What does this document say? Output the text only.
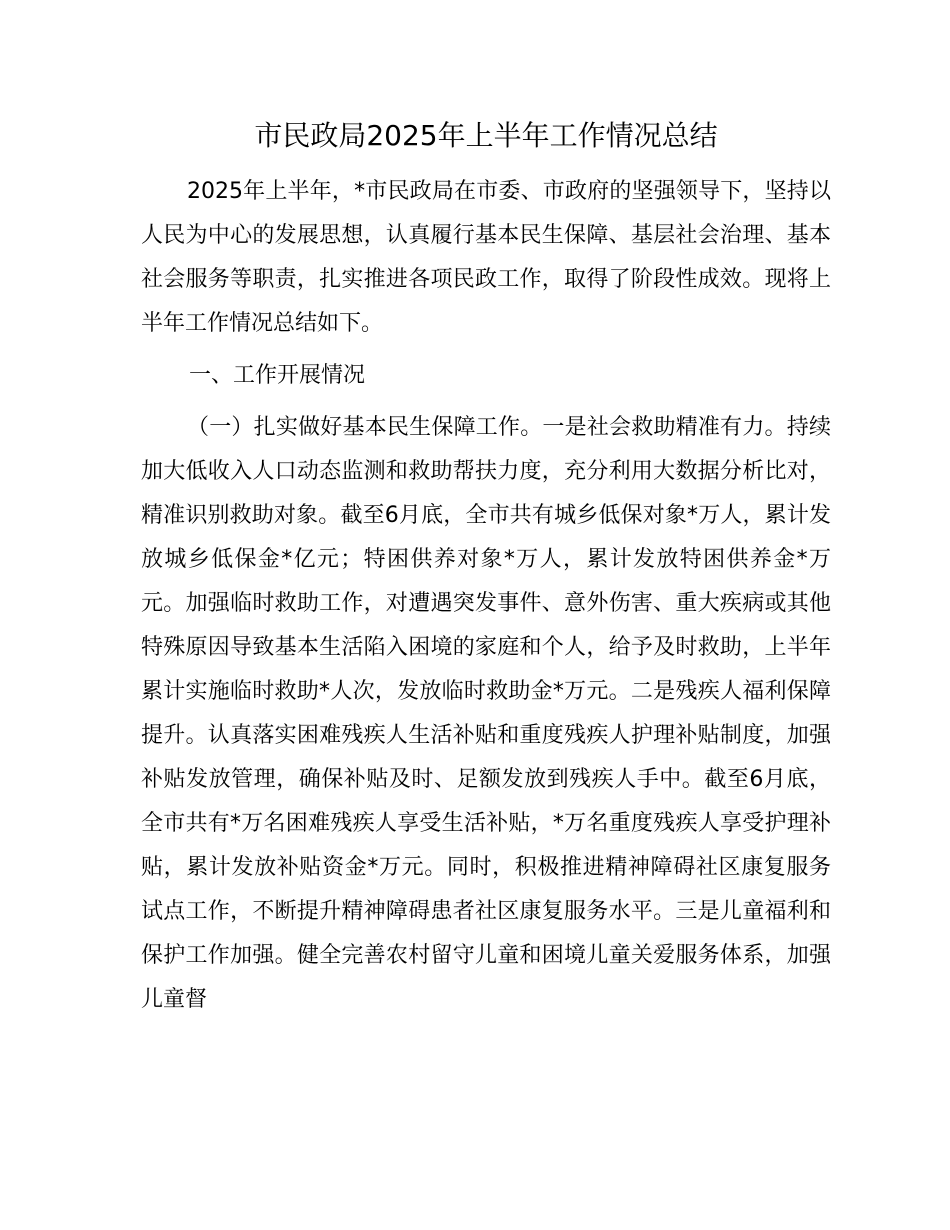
市民政局2025年上半年工作情况总结

2025年上半年，*市民政局在市委、市政府的坚强领导下，坚持以人民为中心的发展思想，认真履行基本民生保障、基层社会治理、基本社会服务等职责，扎实推进各项民政工作，取得了阶段性成效。现将上半年工作情况总结如下。

一、工作开展情况

（一）扎实做好基本民生保障工作。一是社会救助精准有力。持续加大低收入人口动态监测和救助帮扶力度，充分利用大数据分析比对，精准识别救助对象。截至6月底，全市共有城乡低保对象*万人，累计发放城乡低保金*亿元；特困供养对象*万人，累计发放特困供养金*万元。加强临时救助工作，对遭遇突发事件、意外伤害、重大疾病或其他特殊原因导致基本生活陷入困境的家庭和个人，给予及时救助，上半年累计实施临时救助*人次，发放临时救助金*万元。二是残疾人福利保障提升。认真落实困难残疾人生活补贴和重度残疾人护理补贴制度，加强补贴发放管理，确保补贴及时、足额发放到残疾人手中。截至6月底，全市共有*万名困难残疾人享受生活补贴，*万名重度残疾人享受护理补贴，累计发放补贴资金*万元。同时，积极推进精神障碍社区康复服务试点工作，不断提升精神障碍患者社区康复服务水平。三是儿童福利和保护工作加强。健全完善农村留守儿童和困境儿童关爱服务体系，加强儿童督
